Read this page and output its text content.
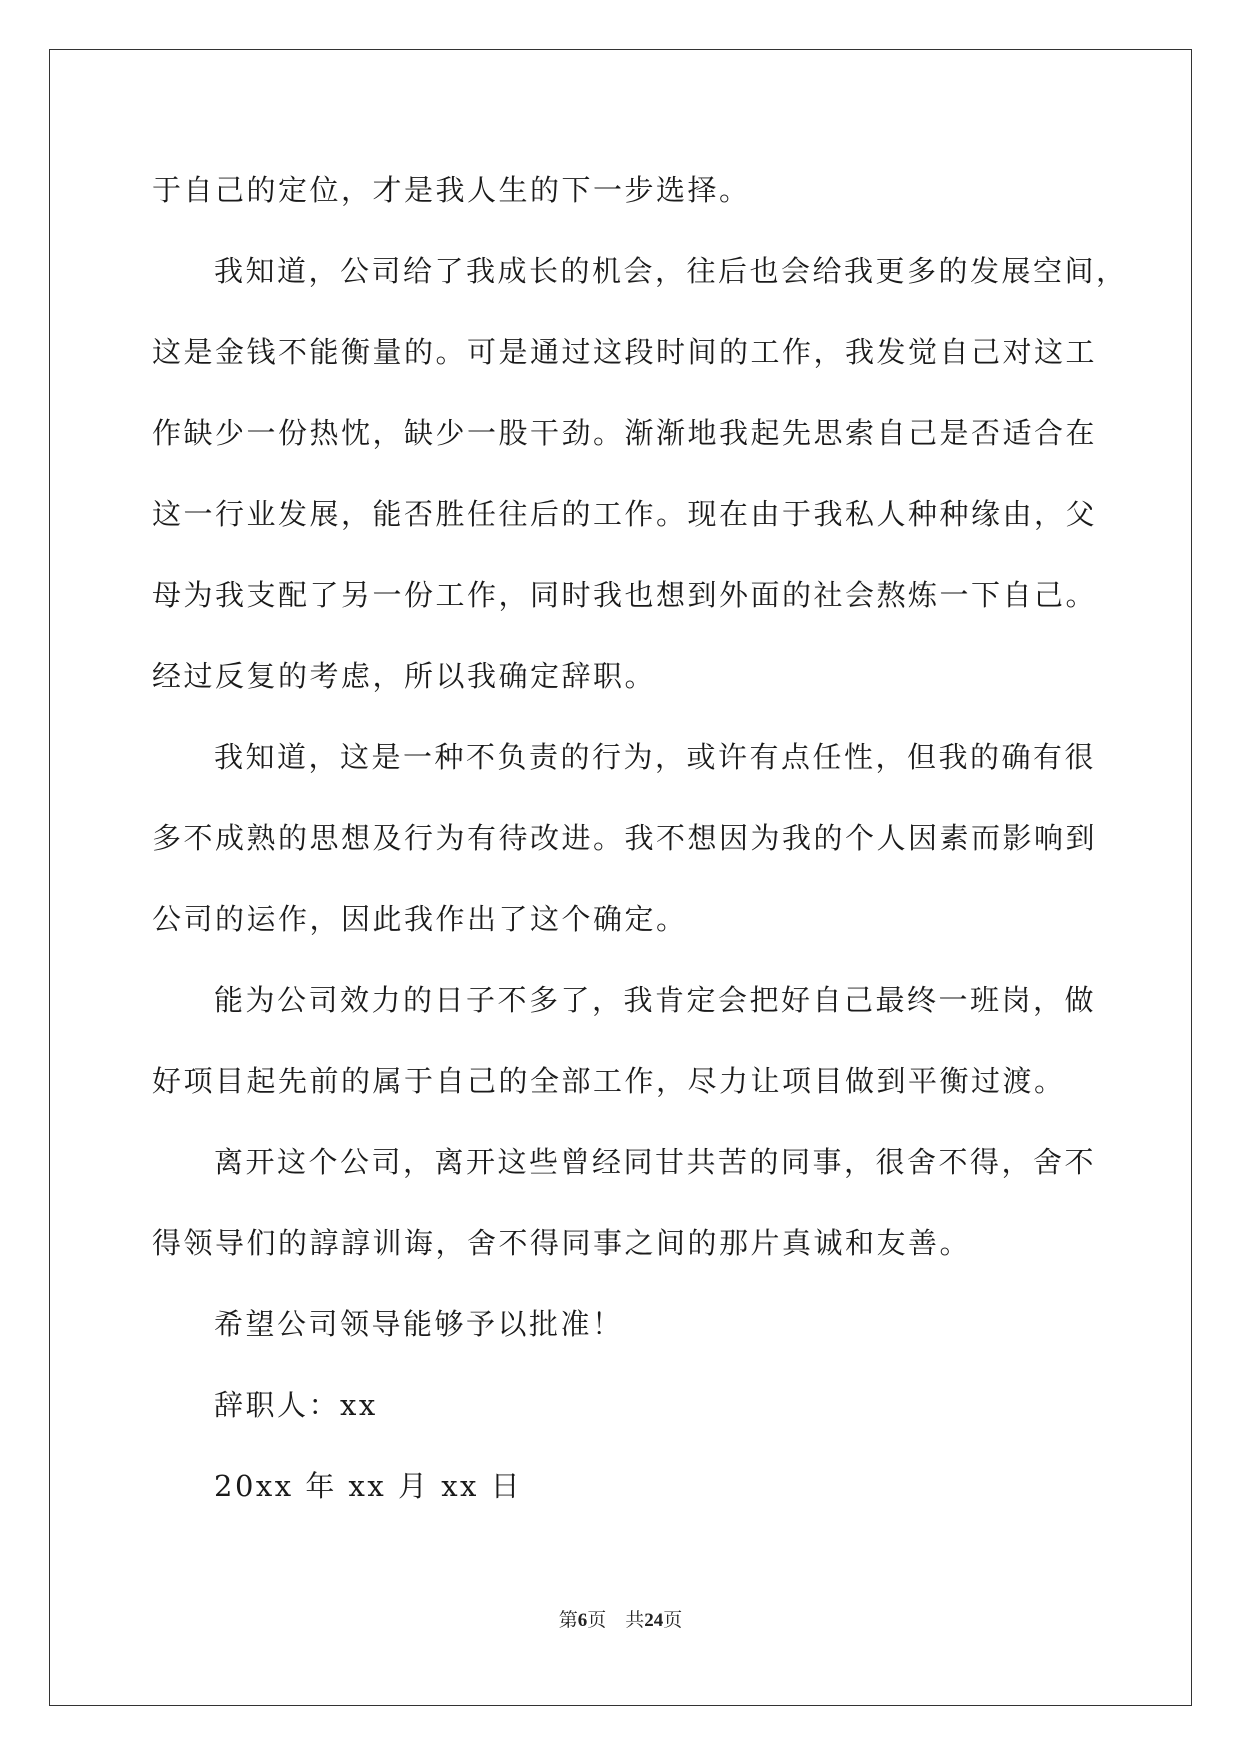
于自己的定位，才是我人生的下一步选择。
我知道，公司给了我成长的机会，往后也会给我更多的发展空间，
这是金钱不能衡量的。可是通过这段时间的工作，我发觉自己对这工
作缺少一份热忱，缺少一股干劲。渐渐地我起先思索自己是否适合在
这一行业发展，能否胜任往后的工作。现在由于我私人种种缘由，父
母为我支配了另一份工作，同时我也想到外面的社会熬炼一下自己。
经过反复的考虑，所以我确定辞职。
我知道，这是一种不负责的行为，或许有点任性，但我的确有很
多不成熟的思想及行为有待改进。我不想因为我的个人因素而影响到
公司的运作，因此我作出了这个确定。
能为公司效力的日子不多了，我肯定会把好自己最终一班岗，做
好项目起先前的属于自己的全部工作，尽力让项目做到平衡过渡。
离开这个公司，离开这些曾经同甘共苦的同事，很舍不得，舍不
得领导们的諄諄训诲，舍不得同事之间的那片真诚和友善。
希望公司领导能够予以批准！
辞职人：xx
20xx 年 xx 月 xx 日
第6页 共24页
